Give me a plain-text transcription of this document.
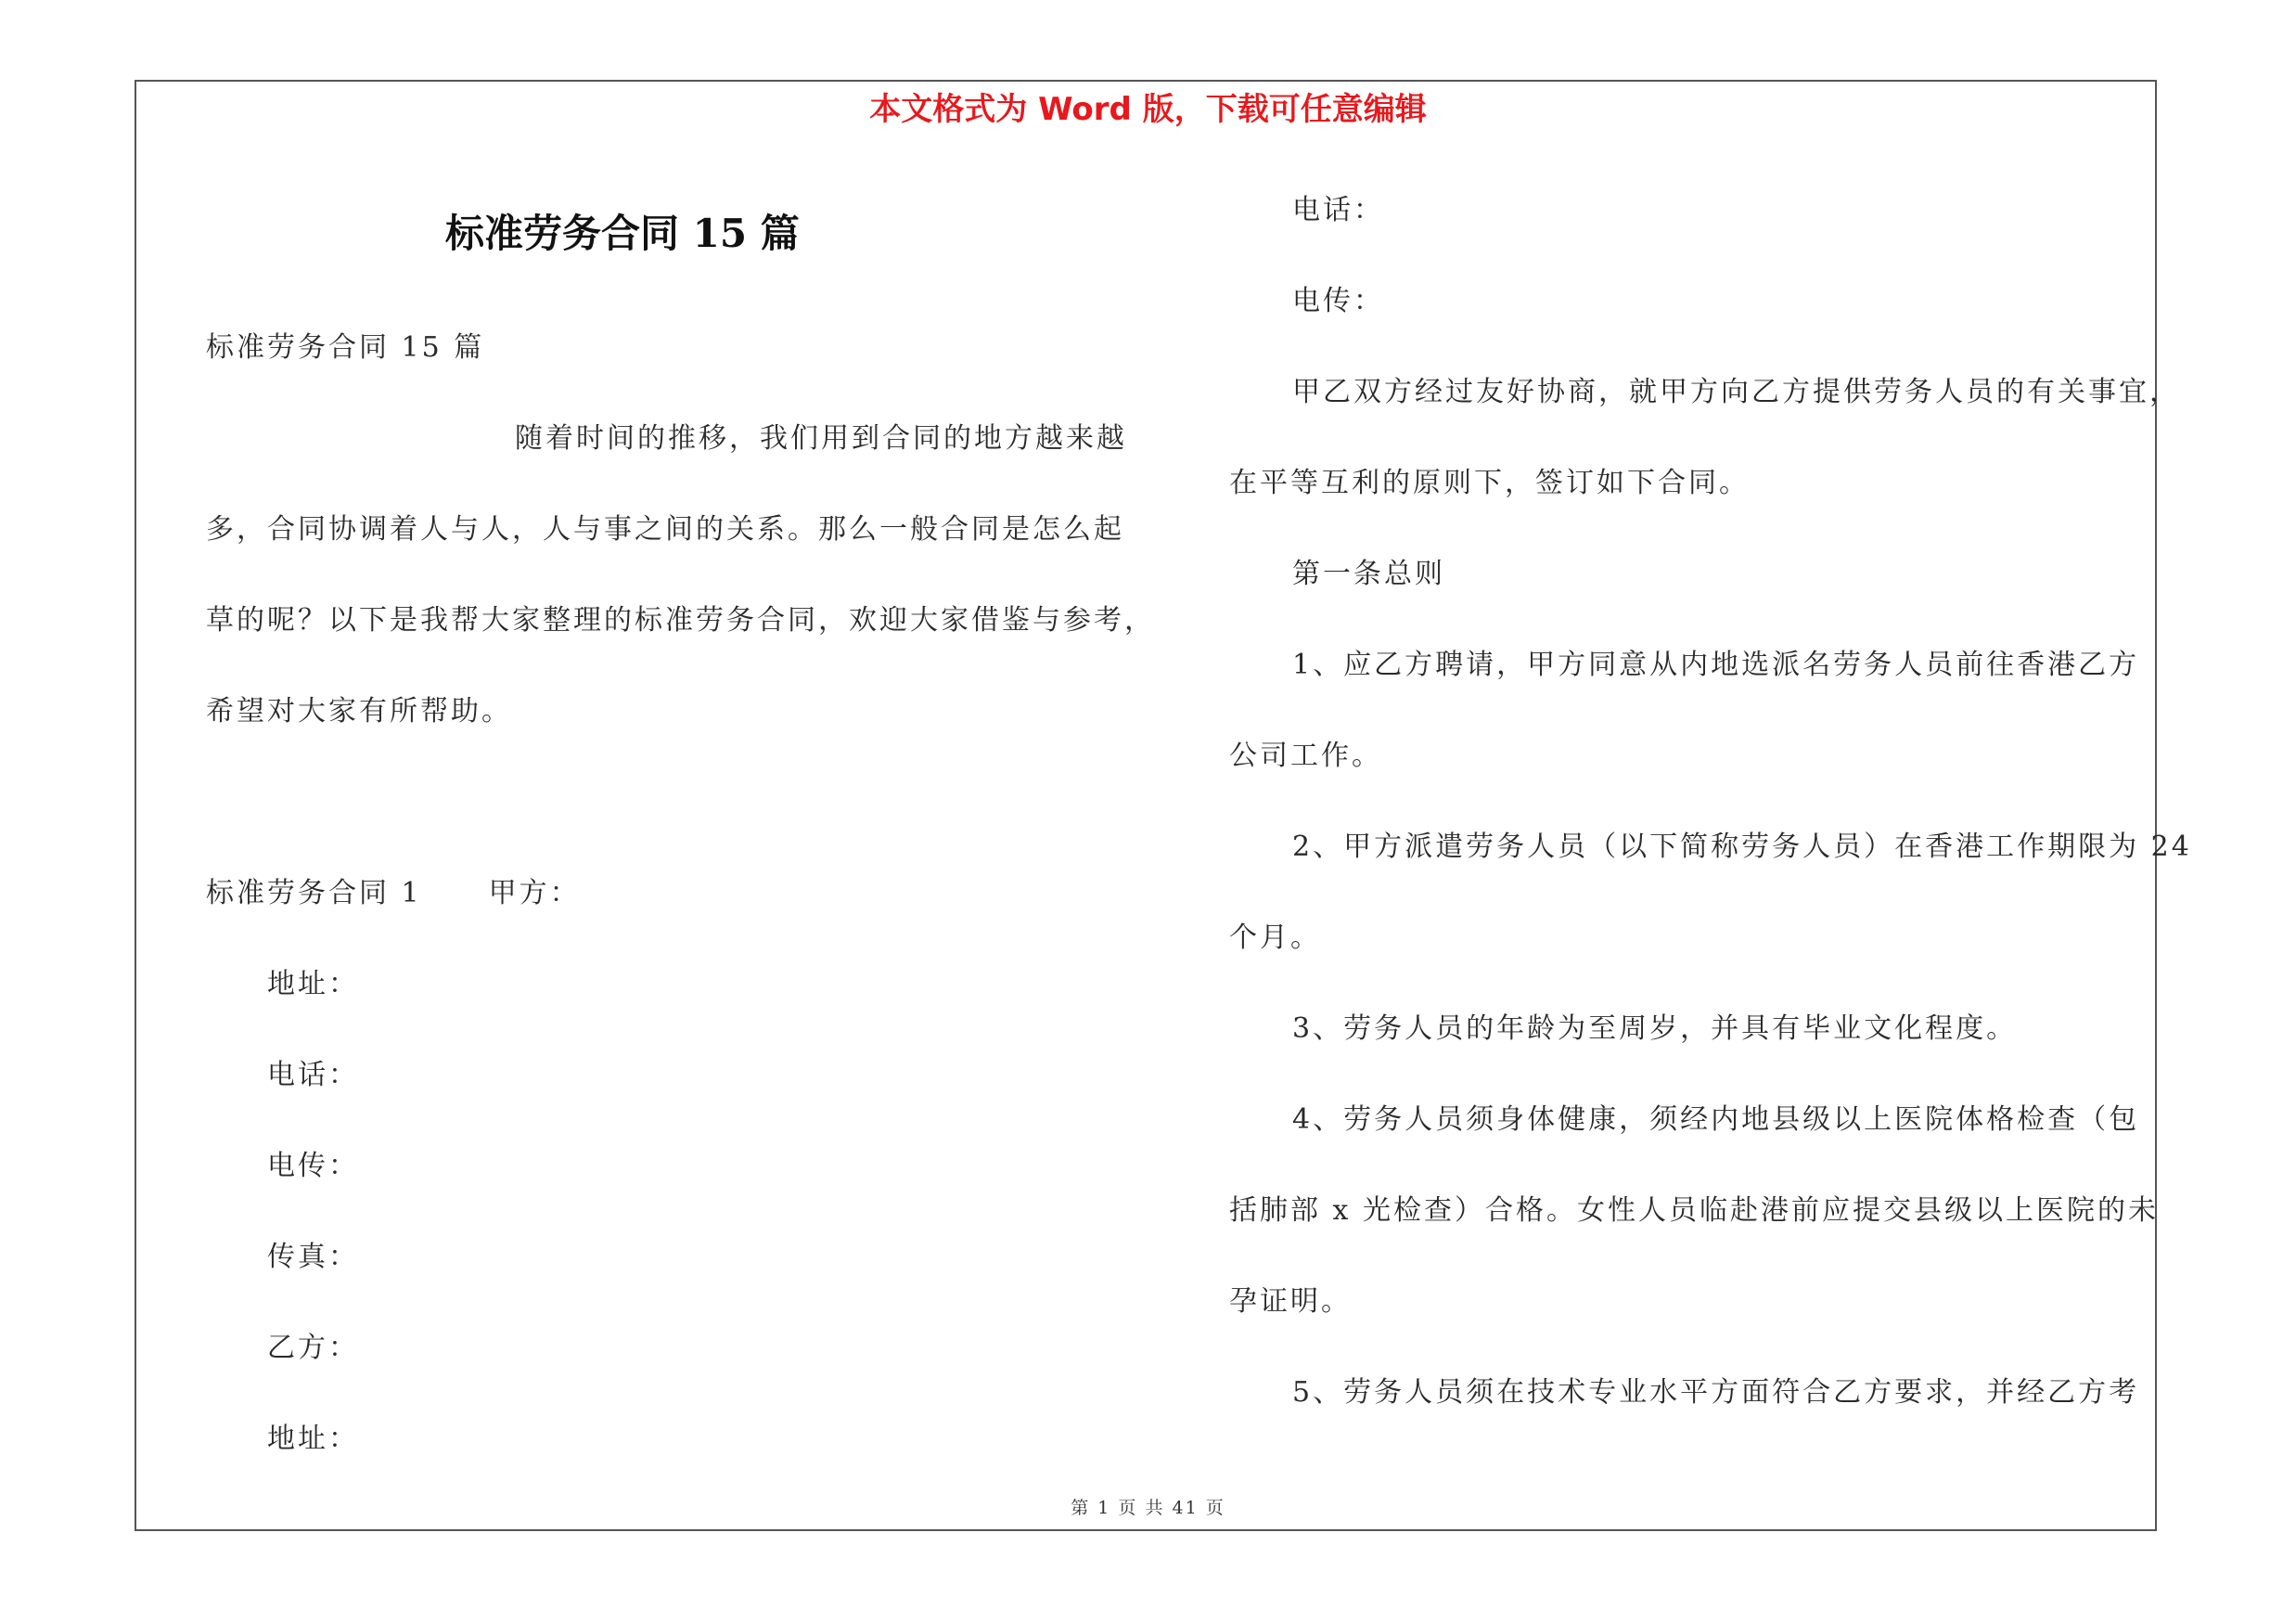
本文格式为 Word 版，下载可任意编辑
标准劳务合同 15 篇
标准劳务合同 15 篇
随着时间的推移，我们用到合同的地方越来越
多，合同协调着人与人，人与事之间的关系。那么一般合同是怎么起
草的呢？以下是我帮大家整理的标准劳务合同，欢迎大家借鉴与参考，
希望对大家有所帮助。
标准劳务合同 1 甲方：
地址：
电话：
电传：
传真：
乙方：
地址：
电话：
电传：
甲乙双方经过友好协商，就甲方向乙方提供劳务人员的有关事宜，
在平等互利的原则下，签订如下合同。
第一条总则
1、应乙方聘请，甲方同意从内地选派名劳务人员前往香港乙方
公司工作。
2、甲方派遣劳务人员（以下简称劳务人员）在香港工作期限为 24
个月。
3、劳务人员的年龄为至周岁，并具有毕业文化程度。
4、劳务人员须身体健康，须经内地县级以上医院体格检查（包
括肺部 x 光检查）合格。女性人员临赴港前应提交县级以上医院的未
孕证明。
5、劳务人员须在技术专业水平方面符合乙方要求，并经乙方考
第 1 页 共 41 页
